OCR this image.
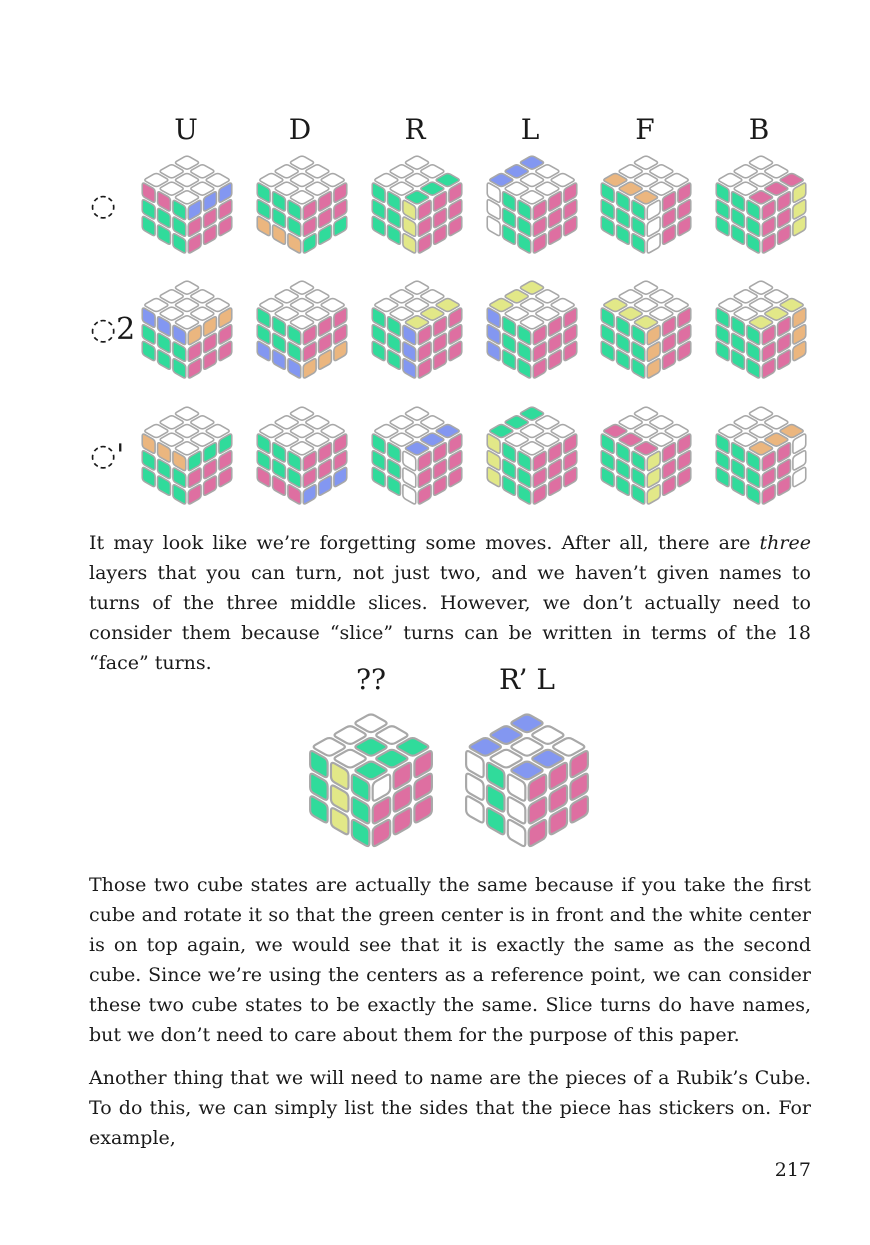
U	D	R	L	F	B
◌
◌2
◌'

It may look like we’re forgetting some moves. After all, there are three layers that you can turn, not just two, and we haven’t given names to turns of the three middle slices. However, we don’t actually need to consider them because “slice” turns can be written in terms of the 18 “face” turns.	??	R’ L

Those two cube states are actually the same because if you take the first cube and rotate it so that the green center is in front and the white center is on top again, we would see that it is exactly the same as the second cube. Since we’re using the centers as a reference point, we can consider these two cube states to be exactly the same. Slice turns do have names, but we don’t need to care about them for the purpose of this paper.

Another thing that we will need to name are the pieces of a Rubik’s Cube. To do this, we can simply list the sides that the piece has stickers on. For example,

217
